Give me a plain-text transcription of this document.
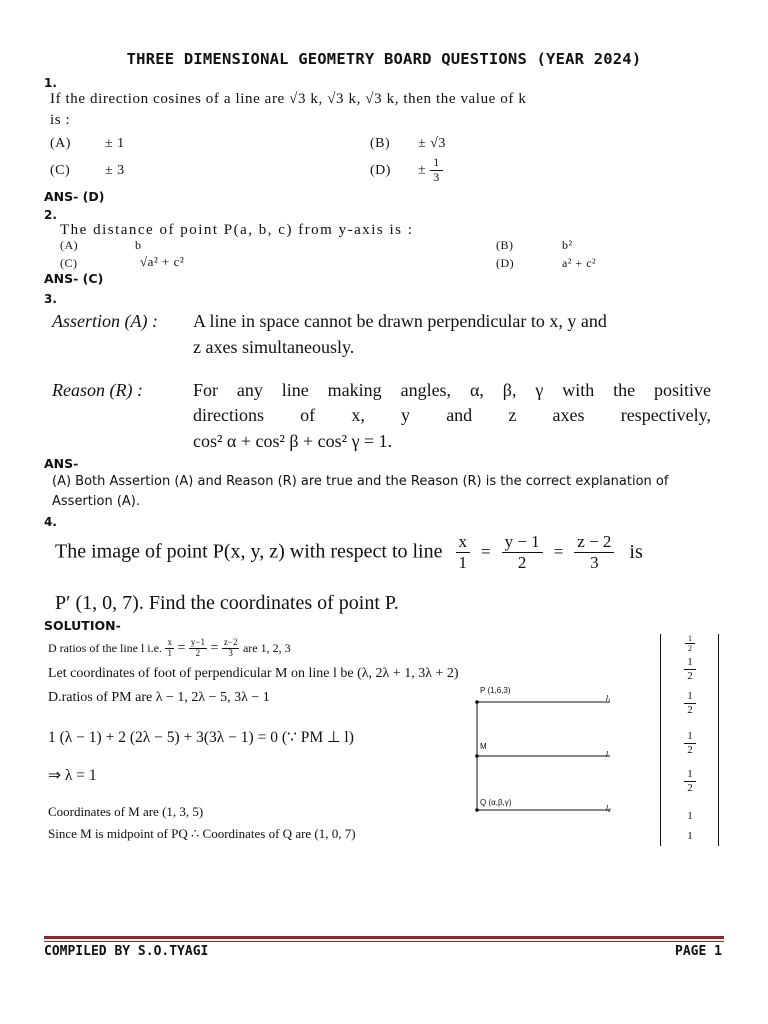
THREE DIMENSIONAL GEOMETRY BOARD QUESTIONS (YEAR 2024)
1.
If the direction cosines of a line are √3 k, √3 k, √3 k, then the value of k
is :
(A) ± 1	(B) ± √3
(C) ± 3	$(D) \pm \frac{1}{3}$
ANS- (D)
2.
The distance of point P(a, b, c) from y-axis is :
(A)	b	(B)	b²
(C)	√a² + c²	(D)	a² + c²
ANS- (C)
3.
Assertion (A) : A line in space cannot be drawn perpendicular to x, y and
z axes simultaneously.
Reason (R) :	For any line making angles, α, β, γ with the positive
directions of x, y and z axes respectively,
cos² α + cos² β + cos² γ = 1.
ANS-
(A) Both Assertion (A) and Reason (R) are true and the Reason (R) is the correct explanation of Assertion (A).
4.
The image of point P(x, y, z) with respect to line $\frac{x}{1} = \frac{y - 1}{2} = \frac{z - 2}{3}$ is
P′ (1, 0, 7). Find the coordinates of point P.
SOLUTION-
D ratios of the line l i.e. $\frac{x}{1} = \frac{y-1}{2} = \frac{z-2}{3}$ are 1, 2, 3
Let coordinates of foot of perpendicular M on line l be (λ, 2λ + 1, 3λ + 2)
D.ratios of PM are λ − 1, 2λ − 5, 3λ − 1
1 (λ − 1) + 2 (2λ − 5) + 3(3λ − 1) = 0 (∵ PM ⊥ l)
⇒ λ = 1
Coordinates of M are (1, 3, 5)
Since M is midpoint of PQ ∴ Coordinates of Q are (1, 0, 7)
P (1,6,3)
M
Q (α,β,γ)
l₁
l
l₂
$\frac{1}{2}$
$\frac{1}{2}$
$\frac{1}{2}$
$\frac{1}{2}$
$\frac{1}{2}$
1
1
COMPILED BY S.O.TYAGI	PAGE 1
